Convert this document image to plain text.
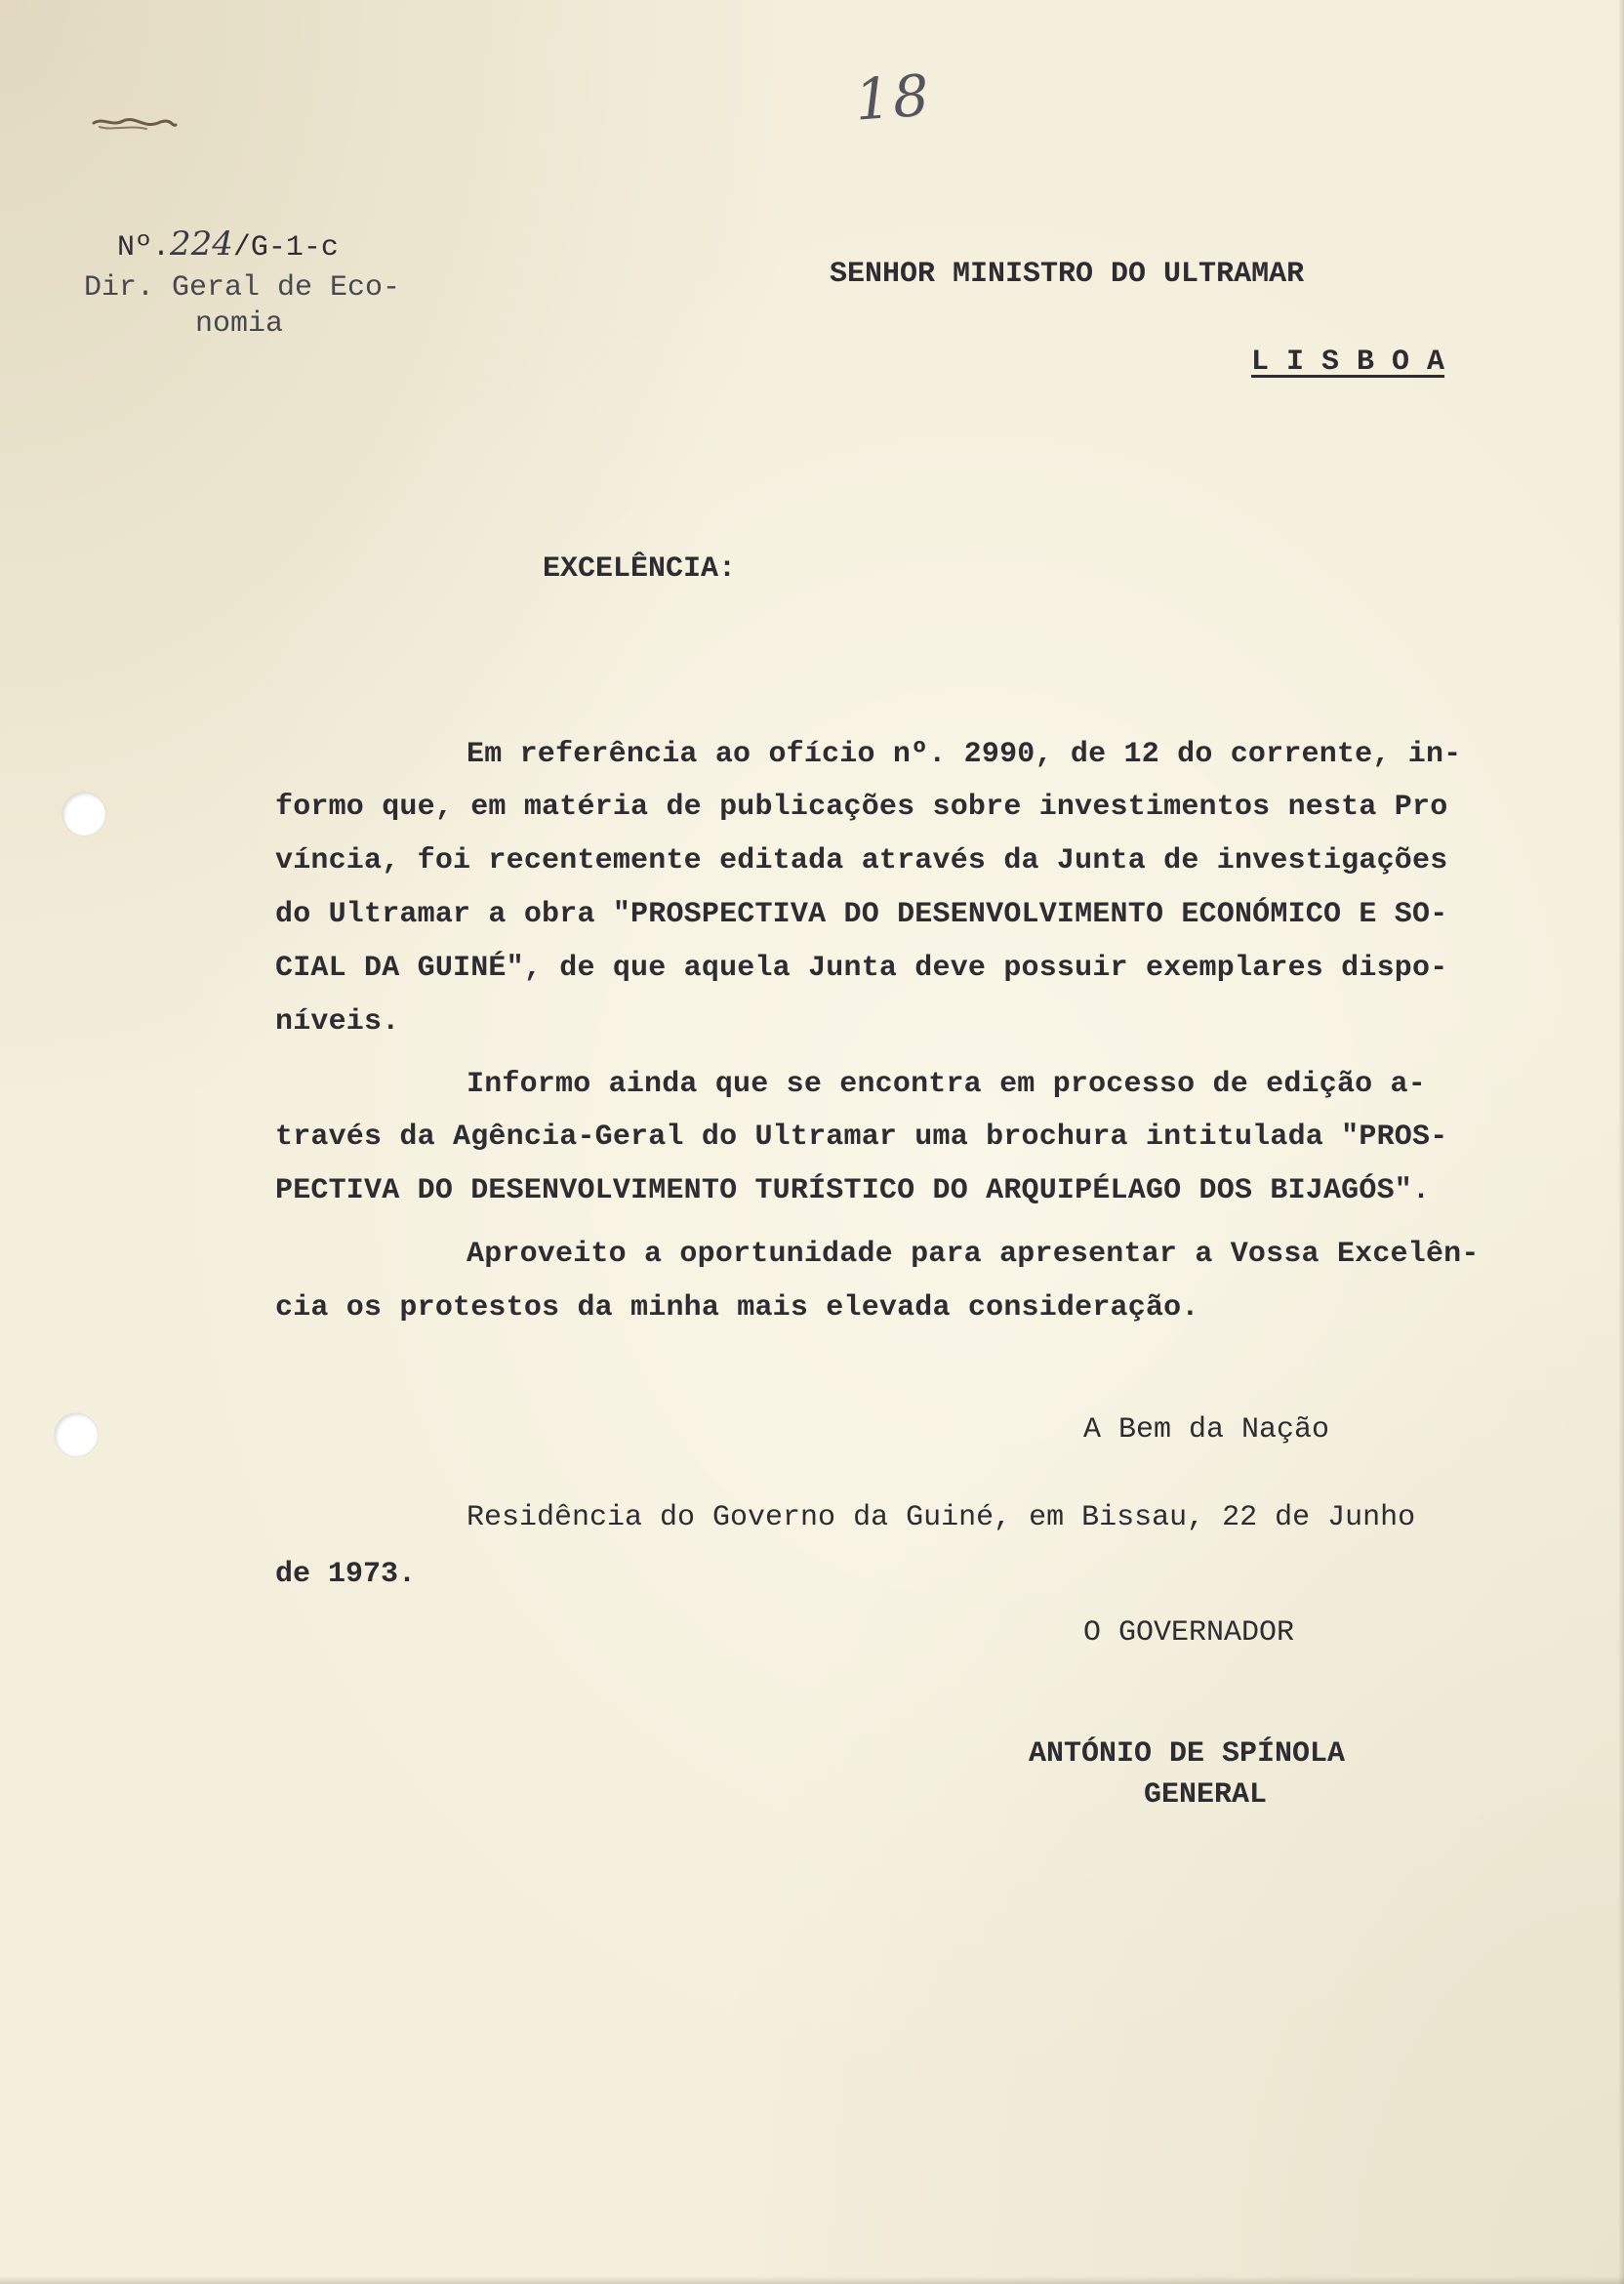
18
Nº.224/G-1-c
Dir. Geral de Eco-
nomia
SENHOR MINISTRO DO ULTRAMAR
L I S B O A
EXCELÊNCIA:
Em referência ao ofício nº. 2990, de 12 do corrente, in-
formo que, em matéria de publicações sobre investimentos nesta Pro
víncia, foi recentemente editada através da Junta de investigações
do Ultramar a obra "PROSPECTIVA DO DESENVOLVIMENTO ECONÓMICO E SO-
CIAL DA GUINÉ", de que aquela Junta deve possuir exemplares dispo-
níveis.
Informo ainda que se encontra em processo de edição a-
través da Agência-Geral do Ultramar uma brochura intitulada "PROS-
PECTIVA DO DESENVOLVIMENTO TURÍSTICO DO ARQUIPÉLAGO DOS BIJAGÓS".
Aproveito a oportunidade para apresentar a Vossa Excelên-
cia os protestos da minha mais elevada consideração.
A Bem da Nação
Residência do Governo da Guiné, em Bissau, 22 de Junho
de 1973.
O GOVERNADOR
ANTÓNIO DE SPÍNOLA
GENERAL
